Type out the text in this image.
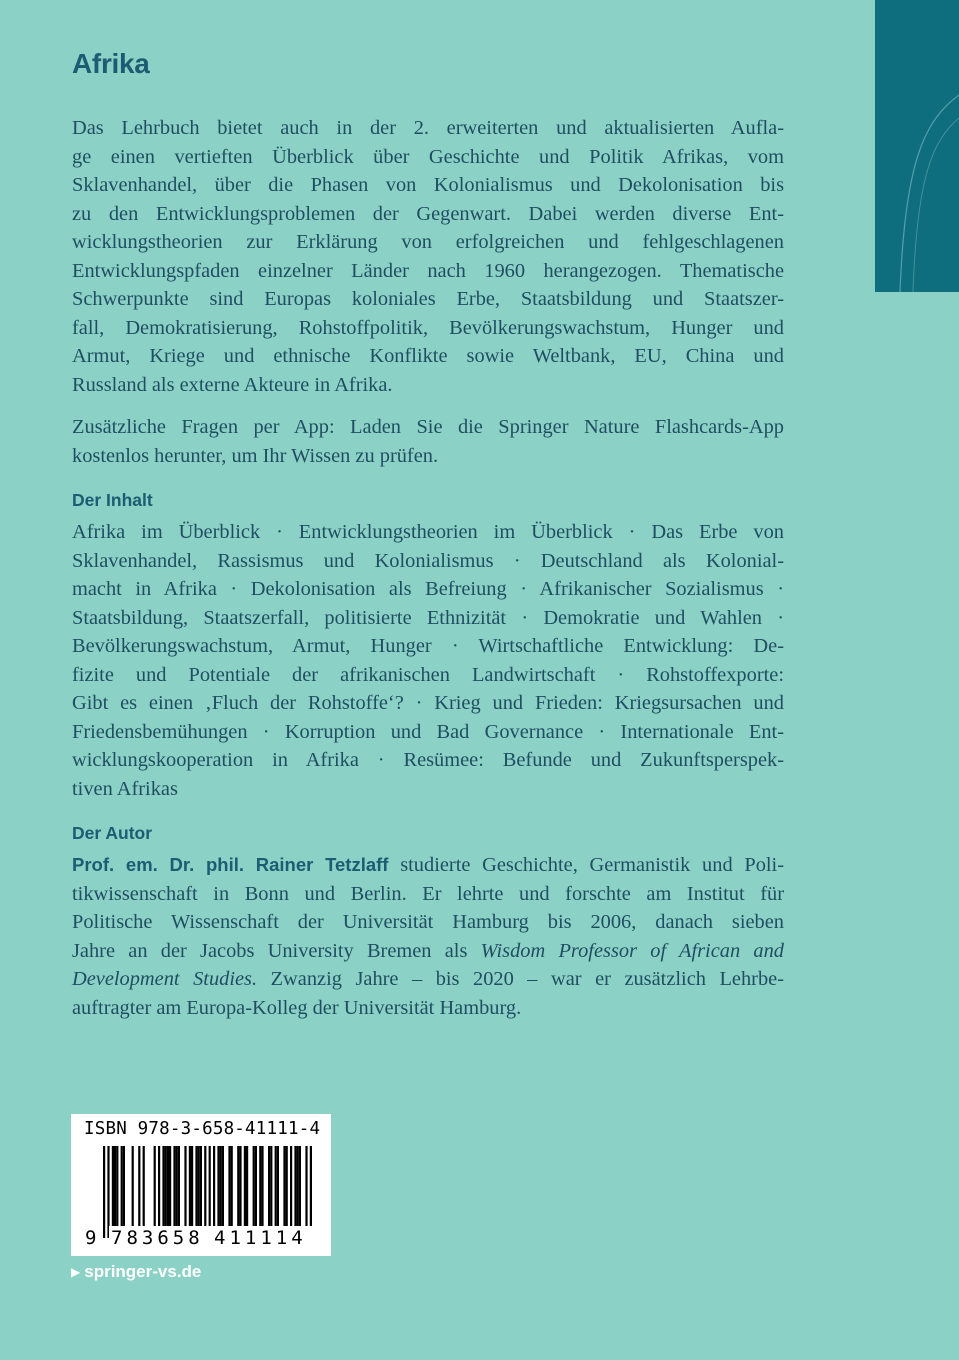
Afrika
Das Lehrbuch bietet auch in der 2. erweiterten und aktualisierten Aufla-
ge einen vertieften Überblick über Geschichte und Politik Afrikas, vom
Sklavenhandel, über die Phasen von Kolonialismus und Dekolonisation bis
zu den Entwicklungsproblemen der Gegenwart. Dabei werden diverse Ent-
wicklungstheorien zur Erklärung von erfolgreichen und fehlgeschlagenen
Entwicklungspfaden einzelner Länder nach 1960 herangezogen. Thematische
Schwerpunkte sind Europas koloniales Erbe, Staatsbildung und Staatszer-
fall, Demokratisierung, Rohstoffpolitik, Bevölkerungswachstum, Hunger und
Armut, Kriege und ethnische Konflikte sowie Weltbank, EU, China und
Russland als externe Akteure in Afrika.
Zusätzliche Fragen per App: Laden Sie die Springer Nature Flashcards-App
kostenlos herunter, um Ihr Wissen zu prüfen.
Der Inhalt
Afrika im Überblick · Entwicklungstheorien im Überblick · Das Erbe von
Sklavenhandel, Rassismus und Kolonialismus · Deutschland als Kolonial-
macht in Afrika · Dekolonisation als Befreiung · Afrikanischer Sozialismus ·
Staatsbildung, Staatszerfall, politisierte Ethnizität · Demokratie und Wahlen ·
Bevölkerungswachstum, Armut, Hunger · Wirtschaftliche Entwicklung: De-
fizite und Potentiale der afrikanischen Landwirtschaft · Rohstoffexporte:
Gibt es einen ‚Fluch der Rohstoffe‘? · Krieg und Frieden: Kriegsursachen und
Friedensbemühungen · Korruption und Bad Governance · Internationale Ent-
wicklungskooperation in Afrika · Resümee: Befunde und Zukunftsperspek-
tiven Afrikas
Der Autor
Prof. em. Dr. phil. Rainer Tetzlaff studierte Geschichte, Germanistik und Poli-
tikwissenschaft in Bonn und Berlin. Er lehrte und forschte am Institut für
Politische Wissenschaft der Universität Hamburg bis 2006, danach sieben
Jahre an der Jacobs University Bremen als Wisdom Professor of African and
Development Studies. Zwanzig Jahre – bis 2020 – war er zusätzlich Lehrbe-
auftragter am Europa-Kolleg der Universität Hamburg.
ISBN 978-3-658-41111-4
9 783658 411114
▶ springer-vs.de
